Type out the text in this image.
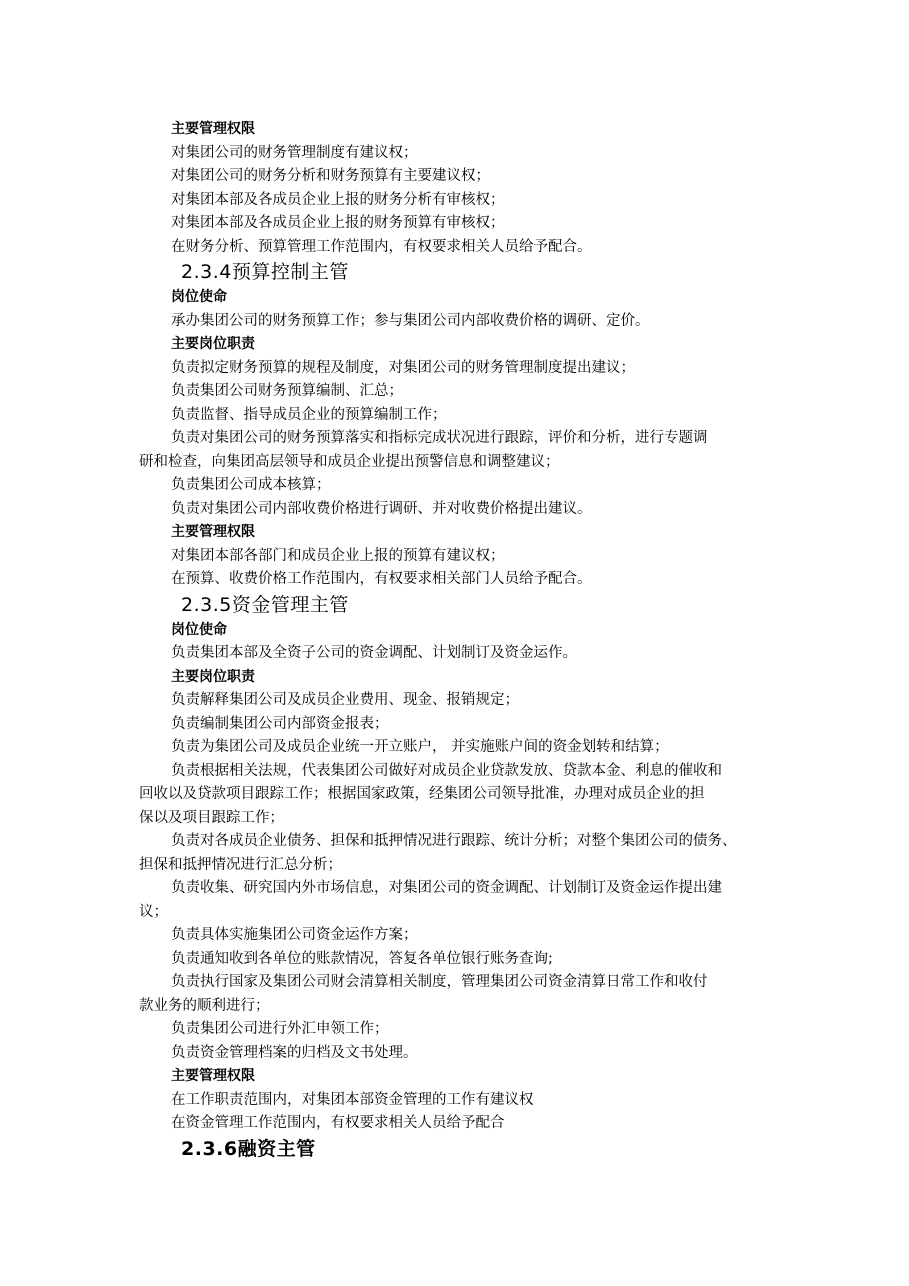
主要管理权限
对集团公司的财务管理制度有建议权；
对集团公司的财务分析和财务预算有主要建议权；
对集团本部及各成员企业上报的财务分析有审核权；
对集团本部及各成员企业上报的财务预算有审核权；
在财务分析、预算管理工作范围内，有权要求相关人员给予配合。
2.3.4预算控制主管
岗位使命
承办集团公司的财务预算工作；参与集团公司内部收费价格的调研、定价。
主要岗位职责
负责拟定财务预算的规程及制度，对集团公司的财务管理制度提出建议；
负责集团公司财务预算编制、汇总；
负责监督、指导成员企业的预算编制工作；
负责对集团公司的财务预算落实和指标完成状况进行跟踪，评价和分析，进行专题调
研和检查，向集团高层领导和成员企业提出预警信息和调整建议；
负责集团公司成本核算；
负责对集团公司内部收费价格进行调研、并对收费价格提出建议。
主要管理权限
对集团本部各部门和成员企业上报的预算有建议权；
在预算、收费价格工作范围内，有权要求相关部门人员给予配合。
2.3.5资金管理主管
岗位使命
负责集团本部及全资子公司的资金调配、计划制订及资金运作。
主要岗位职责
负责解释集团公司及成员企业费用、现金、报销规定；
负责编制集团公司内部资金报表；
负责为集团公司及成员企业统一开立账户， 并实施账户间的资金划转和结算；
负责根据相关法规，代表集团公司做好对成员企业贷款发放、贷款本金、利息的催收和
回收以及贷款项目跟踪工作；根据国家政策，经集团公司领导批准，办理对成员企业的担
保以及项目跟踪工作；
负责对各成员企业债务、担保和抵押情况进行跟踪、统计分析；对整个集团公司的债务、
担保和抵押情况进行汇总分析；
负责收集、研究国内外市场信息，对集团公司的资金调配、计划制订及资金运作提出建
议；
负责具体实施集团公司资金运作方案；
负责通知收到各单位的账款情况，答复各单位银行账务查询;
负责执行国家及集团公司财会清算相关制度，管理集团公司资金清算日常工作和收付
款业务的顺利进行；
负责集团公司进行外汇申领工作；
负责资金管理档案的归档及文书处理。
主要管理权限
在工作职责范围内，对集团本部资金管理的工作有建议权
在资金管理工作范围内，有权要求相关人员给予配合
2.3.6融资主管
